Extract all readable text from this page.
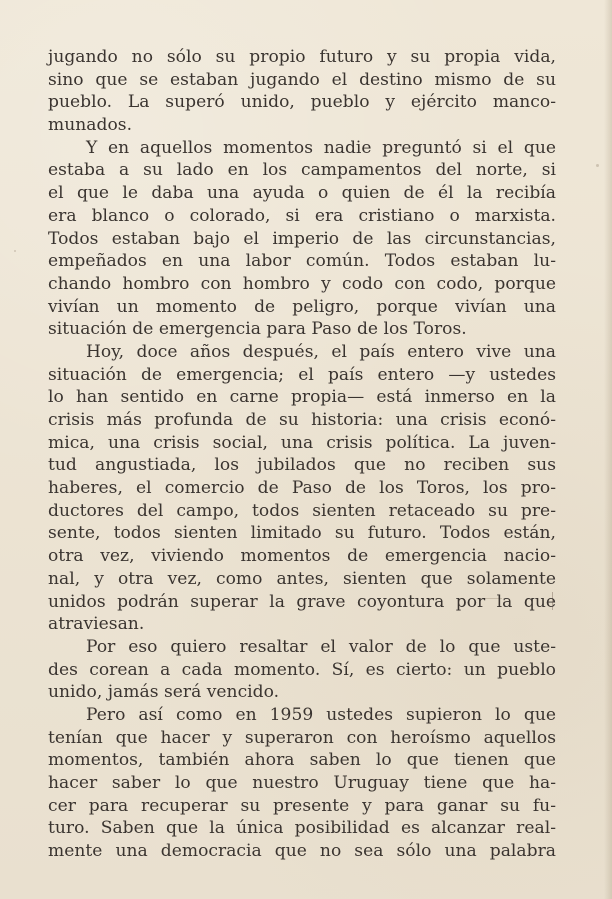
jugando no sólo su propio futuro y su propia vida,
sino que se estaban jugando el destino mismo de su
pueblo. La superó unido, pueblo y ejército manco-
munados.
Y en aquellos momentos nadie preguntó si el que
estaba a su lado en los campamentos del norte, si
el que le daba una ayuda o quien de él la recibía
era blanco o colorado, si era cristiano o marxista.
Todos estaban bajo el imperio de las circunstancias,
empeñados en una labor común. Todos estaban lu-
chando hombro con hombro y codo con codo, porque
vivían un momento de peligro, porque vivían una
situación de emergencia para Paso de los Toros.
Hoy, doce años después, el país entero vive una
situación de emergencia; el país entero —y ustedes
lo han sentido en carne propia— está inmerso en la
crisis más profunda de su historia: una crisis econó-
mica, una crisis social, una crisis política. La juven-
tud angustiada, los jubilados que no reciben sus
haberes, el comercio de Paso de los Toros, los pro-
ductores del campo, todos sienten retaceado su pre-
sente, todos sienten limitado su futuro. Todos están,
otra vez, viviendo momentos de emergencia nacio-
nal, y otra vez, como antes, sienten que solamente
unidos podrán superar la grave coyontura por la que
atraviesan.
Por eso quiero resaltar el valor de lo que uste-
des corean a cada momento. Sí, es cierto: un pueblo
unido, jamás será vencido.
Pero así como en 1959 ustedes supieron lo que
tenían que hacer y superaron con heroísmo aquellos
momentos, también ahora saben lo que tienen que
hacer saber lo que nuestro Uruguay tiene que ha-
cer para recuperar su presente y para ganar su fu-
turo. Saben que la única posibilidad es alcanzar real-
mente una democracia que no sea sólo una palabra
